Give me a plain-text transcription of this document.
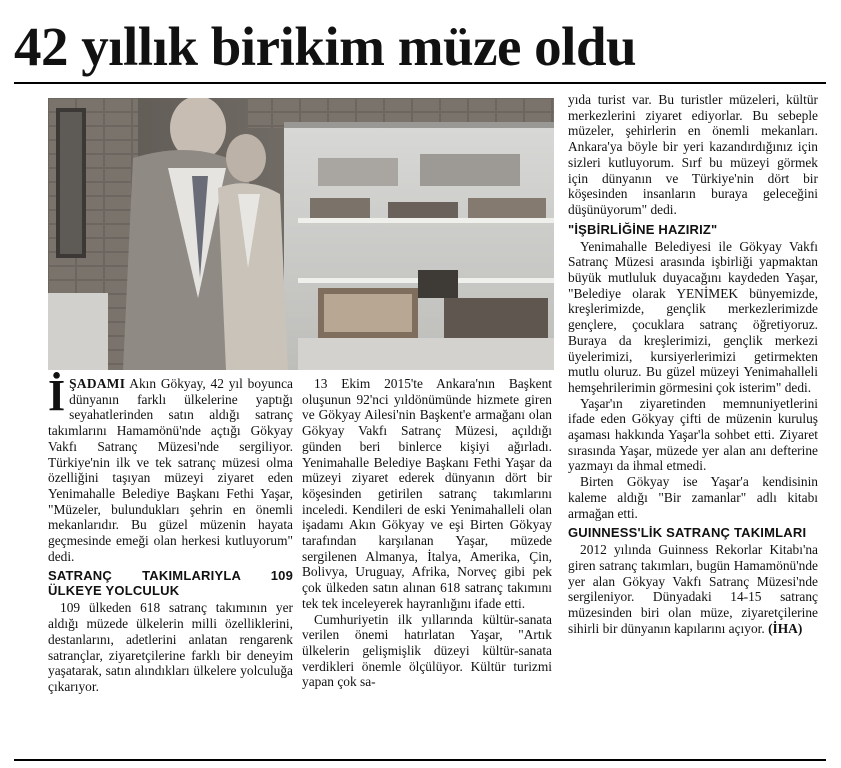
42 yıllık birikim müze oldu

İŞADAMI Akın Gökyay, 42 yıl boyunca dünyanın farklı ülkelerine yaptığı seyahatlerinden satın aldığı satranç takımlarını Hamamönü'nde açtığı Gökyay Vakfı Satranç Müzesi'nde sergiliyor. Türkiye'nin ilk ve tek satranç müzesi olma özelliğini taşıyan müzeyi ziyaret eden Yenimahalle Belediye Başkanı Fethi Yaşar, "Müzeler, bulundukları şehrin en önemli mekanlarıdır. Bu güzel müzenin hayata geçmesinde emeği olan herkesi kutluyorum" dedi.

SATRANÇ TAKIMLARIYLA 109 ÜLKEYE YOLCULUK

109 ülkeden 618 satranç takımının yer aldığı müzede ülkelerin milli özelliklerini, destanlarını, adetlerini anlatan rengarenk satrançlar, ziyaretçilerine farklı bir deneyim yaşatarak, satın alındıkları ülkelere yolculuğa çıkarıyor.

13 Ekim 2015'te Ankara'nın Başkent oluşunun 92'nci yıldönümünde hizmete giren ve Gökyay Ailesi'nin Başkent'e armağanı olan Gökyay Vakfı Satranç Müzesi, açıldığı günden beri binlerce kişiyi ağırladı. Yenimahalle Belediye Başkanı Fethi Yaşar da müzeyi ziyaret ederek dünyanın dört bir köşesinden getirilen satranç takımlarını inceledi. Kendileri de eski Yenimahalleli olan işadamı Akın Gökyay ve eşi Birten Gökyay tarafından karşılanan Yaşar, müzede sergilenen Almanya, İtalya, Amerika, Çin, Bolivya, Uruguay, Afrika, Norveç gibi pek çok ülkeden satın alınan 618 satranç takımını tek tek inceleyerek hayranlığını ifade etti.

Cumhuriyetin ilk yıllarında kültür-sanata verilen önemi hatırlatan Yaşar, "Artık ülkelerin gelişmişlik düzeyi kültür-sanata verdikleri önemle ölçülüyor. Kültür turizmi yapan çok sa-

yıda turist var. Bu turistler müzeleri, kültür merkezlerini ziyaret ediyorlar. Bu sebeple müzeler, şehirlerin en önemli mekanları. Ankara'ya böyle bir yeri kazandırdığınız için sizleri kutluyorum. Sırf bu müzeyi görmek için dünyanın ve Türkiye'nin dört bir köşesinden insanların buraya geleceğini düşünüyorum" dedi.

"İŞBİRLİĞİNE HAZIRIZ"

Yenimahalle Belediyesi ile Gökyay Vakfı Satranç Müzesi arasında işbirliği yapmaktan büyük mutluluk duyacağını kaydeden Yaşar, "Belediye olarak YENİMEK bünyemizde, kreşlerimizde, gençlik merkezlerimizde gençlere, çocuklara satranç öğretiyoruz. Buraya da kreşlerimizi, gençlik merkezi üyelerimizi, kursiyerlerimizi getirmekten mutlu oluruz. Bu güzel müzeyi Yenimahalleli hemşehrilerimin görmesini çok isterim" dedi.

Yaşar'ın ziyaretinden memnuniyetlerini ifade eden Gökyay çifti de müzenin kuruluş aşaması hakkında Yaşar'la sohbet etti. Ziyaret sırasında Yaşar, müzede yer alan anı defterine yazmayı da ihmal etmedi.

Birten Gökyay ise Yaşar'a kendisinin kaleme aldığı "Bir zamanlar" adlı kitabı armağan etti.

GUINNESS'LİK SATRANÇ TAKIMLARI

2012 yılında Guinness Rekorlar Kitabı'na giren satranç takımları, bugün Hamamönü'nde yer alan Gökyay Vakfı Satranç Müzesi'nde sergileniyor. Dünyadaki 14-15 satranç müzesinden biri olan müze, ziyaretçilerine sihirli bir dünyanın kapılarını açıyor. (İHA)
